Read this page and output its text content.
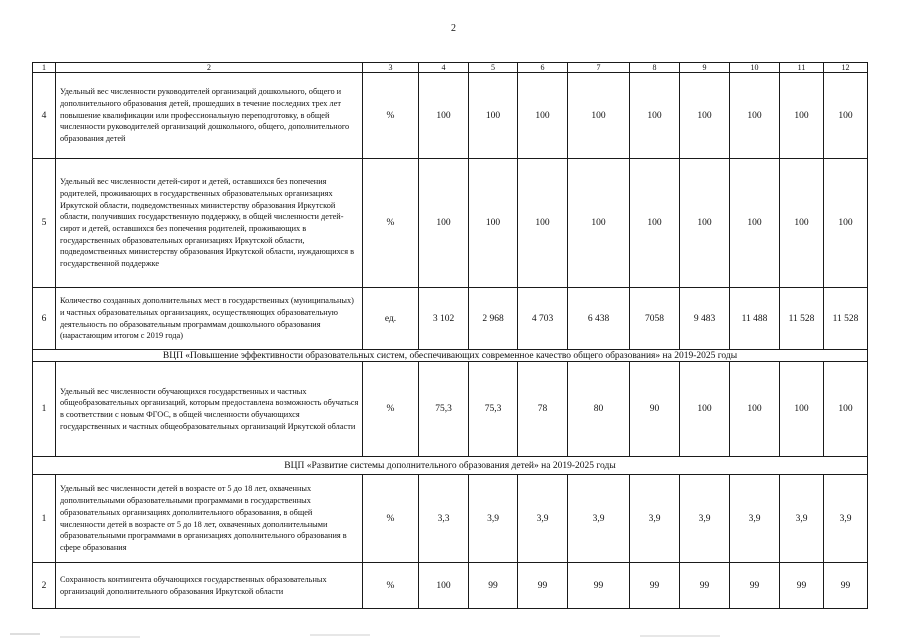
2
1	2	3	4	5	6	7	8	9	10	11	12
4	Удельный вес численности руководителей организаций дошкольного, общего и дополнительного образования детей, прошедших в течение последних трех лет повышение квалификации или профессиональную переподготовку, в общей численности руководителей организаций дошкольного, общего, дополнительного образования детей	%	100	100	100	100	100	100	100	100	100
5	Удельный вес численности детей-сирот и детей, оставшихся без попечения родителей, проживающих в государственных образовательных организациях Иркутской области, подведомственных министерству образования Иркутской области, получивших государственную поддержку, в общей численности детей-сирот и детей, оставшихся без попечения родителей, проживающих в государственных образовательных организациях Иркутской области, подведомственных министерству образования Иркутской области, нуждающихся в государственной поддержке	%	100	100	100	100	100	100	100	100	100
6	Количество созданных дополнительных мест в государственных (муниципальных) и частных образовательных организациях, осуществляющих образовательную деятельность по образовательным программам дошкольного образования (нарастающим итогом с 2019 года)	ед.	3 102	2 968	4 703	6 438	7058	9 483	11 488	11 528	11 528
ВЦП «Повышение эффективности образовательных систем, обеспечивающих современное качество общего образования» на 2019-2025 годы											
1	Удельный вес численности обучающихся государственных и частных общеобразовательных организаций, которым предоставлена возможность обучаться в соответствии с новым ФГОС, в общей численности обучающихся государственных и частных общеобразовательных организаций Иркутской области	%	75,3	75,3	78	80	90	100	100	100	100
ВЦП «Развитие системы дополнительного образования детей» на 2019-2025 годы											
1	Удельный вес численности детей в возрасте от 5 до 18 лет, охваченных дополнительными образовательными программами в государственных образовательных организациях дополнительного образования, в общей численности детей в возрасте от 5 до 18 лет, охваченных дополнительными образовательными программами в организациях дополнительного образования в сфере образования	%	3,3	3,9	3,9	3,9	3,9	3,9	3,9	3,9	3,9
2	Сохранность контингента обучающихся государственных образовательных организаций дополнительного образования Иркутской области	%	100	99	99	99	99	99	99	99	99
